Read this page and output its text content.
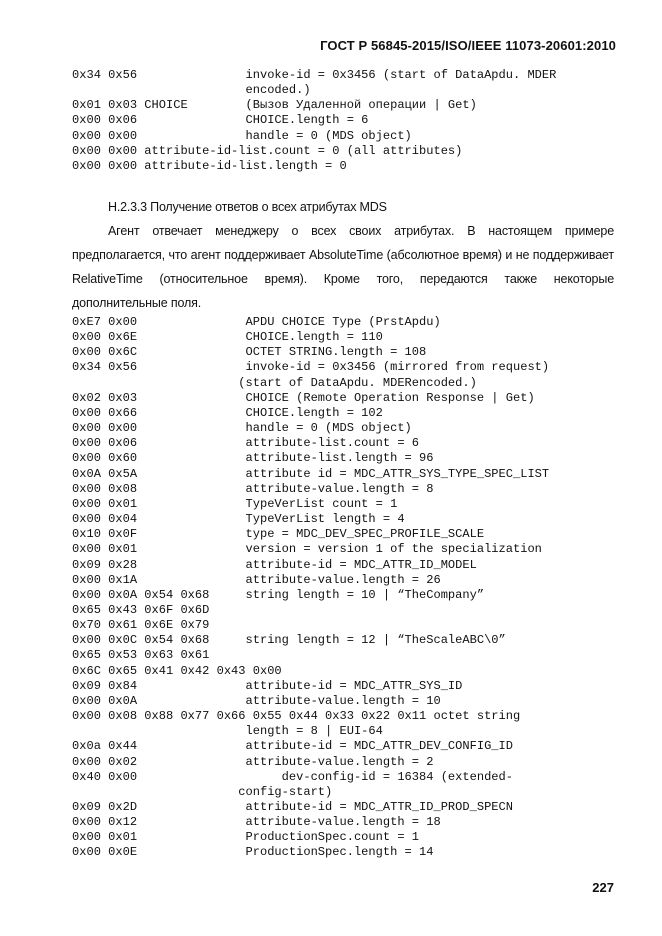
ГОСТ Р 56845-2015/ISO/IEEE 11073-20601:2010
0x34 0x56               invoke-id = 0x3456 (start of DataApdu. MDER
encoded.)
0x01 0x03 CHOICE        (Вызов Удаленной операции | Get)
0x00 0x06               CHOICE.length = 6
0x00 0x00               handle = 0 (MDS object)
0x00 0x00 attribute-id-list.count = 0 (all attributes)
0x00 0x00 attribute-id-list.length = 0
H.2.3.3 Получение ответов о всех атрибутах MDS

Агент отвечает менеджеру о всех своих атрибутах. В настоящем примере предполагается, что агент поддерживает AbsoluteTime (абсолютное время) и не поддерживает RelativeTime (относительное время). Кроме того, передаются также некоторые дополнительные поля.

0xE7 0x00               APDU CHOICE Type (PrstApdu)
0x00 0x6E               CHOICE.length = 110
0x00 0x6C               OCTET STRING.length = 108
0x34 0x56               invoke-id = 0x3456 (mirrored from request)
(start of DataApdu. MDERencoded.)
0x02 0x03               CHOICE (Remote Operation Response | Get)
0x00 0x66               CHOICE.length = 102
0x00 0x00               handle = 0 (MDS object)
0x00 0x06               attribute-list.count = 6
0x00 0x60               attribute-list.length = 96
0x0A 0x5A               attribute id = MDC_ATTR_SYS_TYPE_SPEC_LIST
0x00 0x08               attribute-value.length = 8
0x00 0x01               TypeVerList count = 1
0x00 0x04               TypeVerList length = 4
0x10 0x0F               type = MDC_DEV_SPEC_PROFILE_SCALE
0x00 0x01               version = version 1 of the specialization
0x09 0x28               attribute-id = MDC_ATTR_ID_MODEL
0x00 0x1A               attribute-value.length = 26
0x00 0x0A 0x54 0x68     string length = 10 | “TheCompany”
0x65 0x43 0x6F 0x6D
0x70 0x61 0x6E 0x79
0x00 0x0C 0x54 0x68     string length = 12 | “TheScaleABC\0”
0x65 0x53 0x63 0x61
0x6C 0x65 0x41 0x42 0x43 0x00
0x09 0x84               attribute-id = MDC_ATTR_SYS_ID
0x00 0x0A               attribute-value.length = 10
0x00 0x08 0x88 0x77 0x66 0x55 0x44 0x33 0x22 0x11 octet string
length = 8 | EUI-64
0x0a 0x44               attribute-id = MDC_ATTR_DEV_CONFIG_ID
0x00 0x02               attribute-value.length = 2
0x40 0x00                    dev-config-id = 16384 (extended-
config-start)
0x09 0x2D               attribute-id = MDC_ATTR_ID_PROD_SPECN
0x00 0x12               attribute-value.length = 18
0x00 0x01               ProductionSpec.count = 1
0x00 0x0E               ProductionSpec.length = 14
227
